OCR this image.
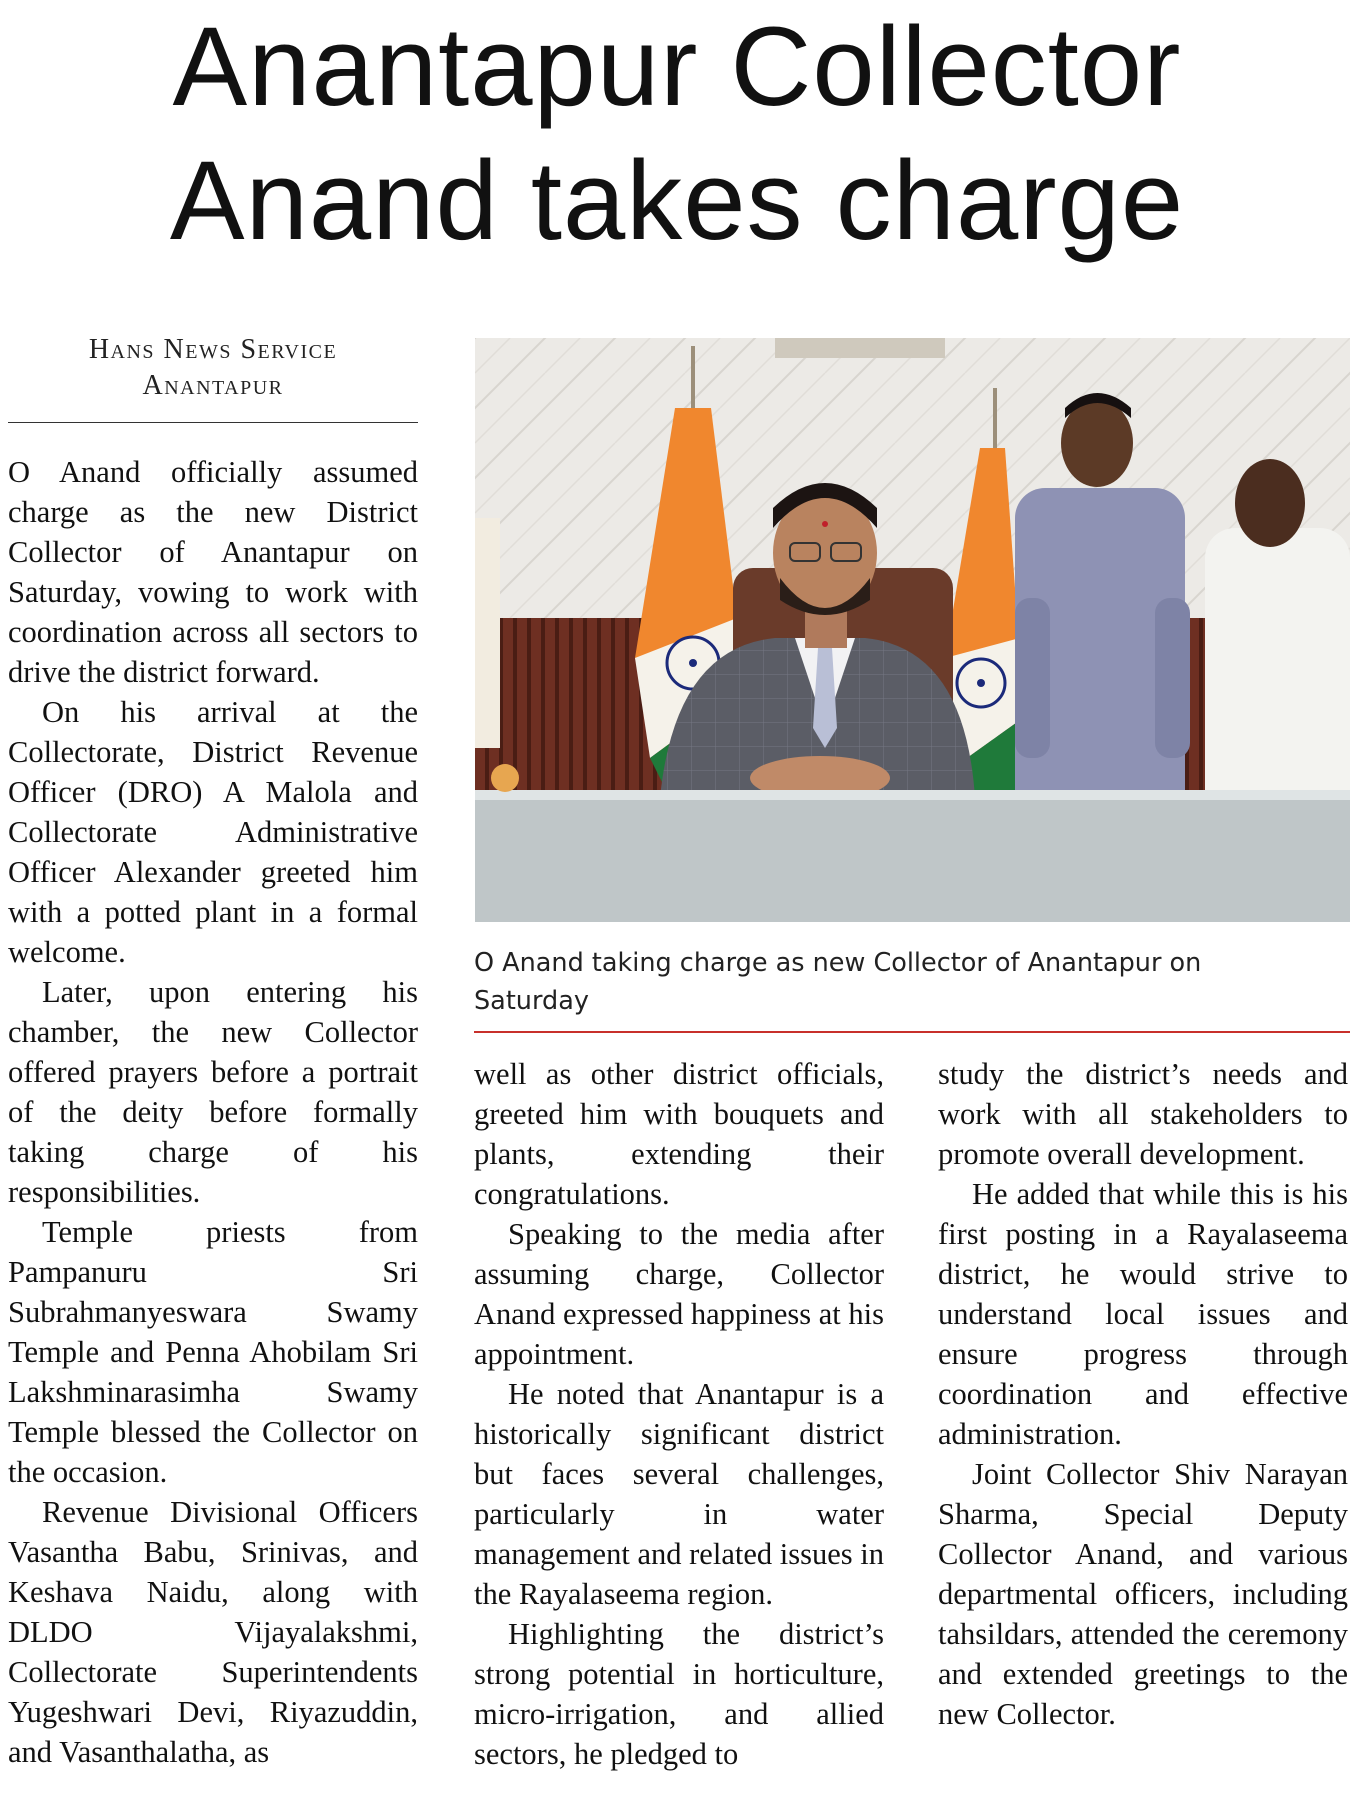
Anantapur Collector
Anand takes charge
Hans News Service
Anantapur

O Anand officially assumed charge as the new District Collector of Anantapur on Saturday, vowing to work with coordination across all sectors to drive the district forward.

On his arrival at the Collectorate, District Revenue Officer (DRO) A Malola and Collectorate Administrative Officer Alexander greeted him with a potted plant in a formal welcome.

Later, upon entering his chamber, the new Collector offered prayers before a portrait of the deity before formally taking charge of his responsibilities.

Temple priests from Pampanuru Sri Subrahmanyeswara Swamy Temple and Penna Ahobilam Sri Lakshminarasimha Swamy Temple blessed the Collector on the occasion.

Revenue Divisional Officers Vasantha Babu, Srinivas, and Keshava Naidu, along with DLDO Vijayalakshmi, Collectorate Superintendents Yugeshwari Devi, Riyazuddin, and Vasanthalatha, as

O Anand taking charge as new Collector of Anantapur on Saturday

well as other district officials, greeted him with bouquets and plants, extending their congratulations.

Speaking to the media after assuming charge, Collector Anand expressed happiness at his appointment.

He noted that Anantapur is a historically significant district but faces several challenges, particularly in water management and related issues in the Rayalaseema region.

Highlighting the district’s strong potential in horticulture, micro-irrigation, and allied sectors, he pledged to

study the district’s needs and work with all stakeholders to promote overall development.

He added that while this is his first posting in a Rayalaseema district, he would strive to understand local issues and ensure progress through coordination and effective administration.

Joint Collector Shiv Narayan Sharma, Special Deputy Collector Anand, and various departmental officers, including tahsildars, attended the ceremony and extended greetings to the new Collector.
